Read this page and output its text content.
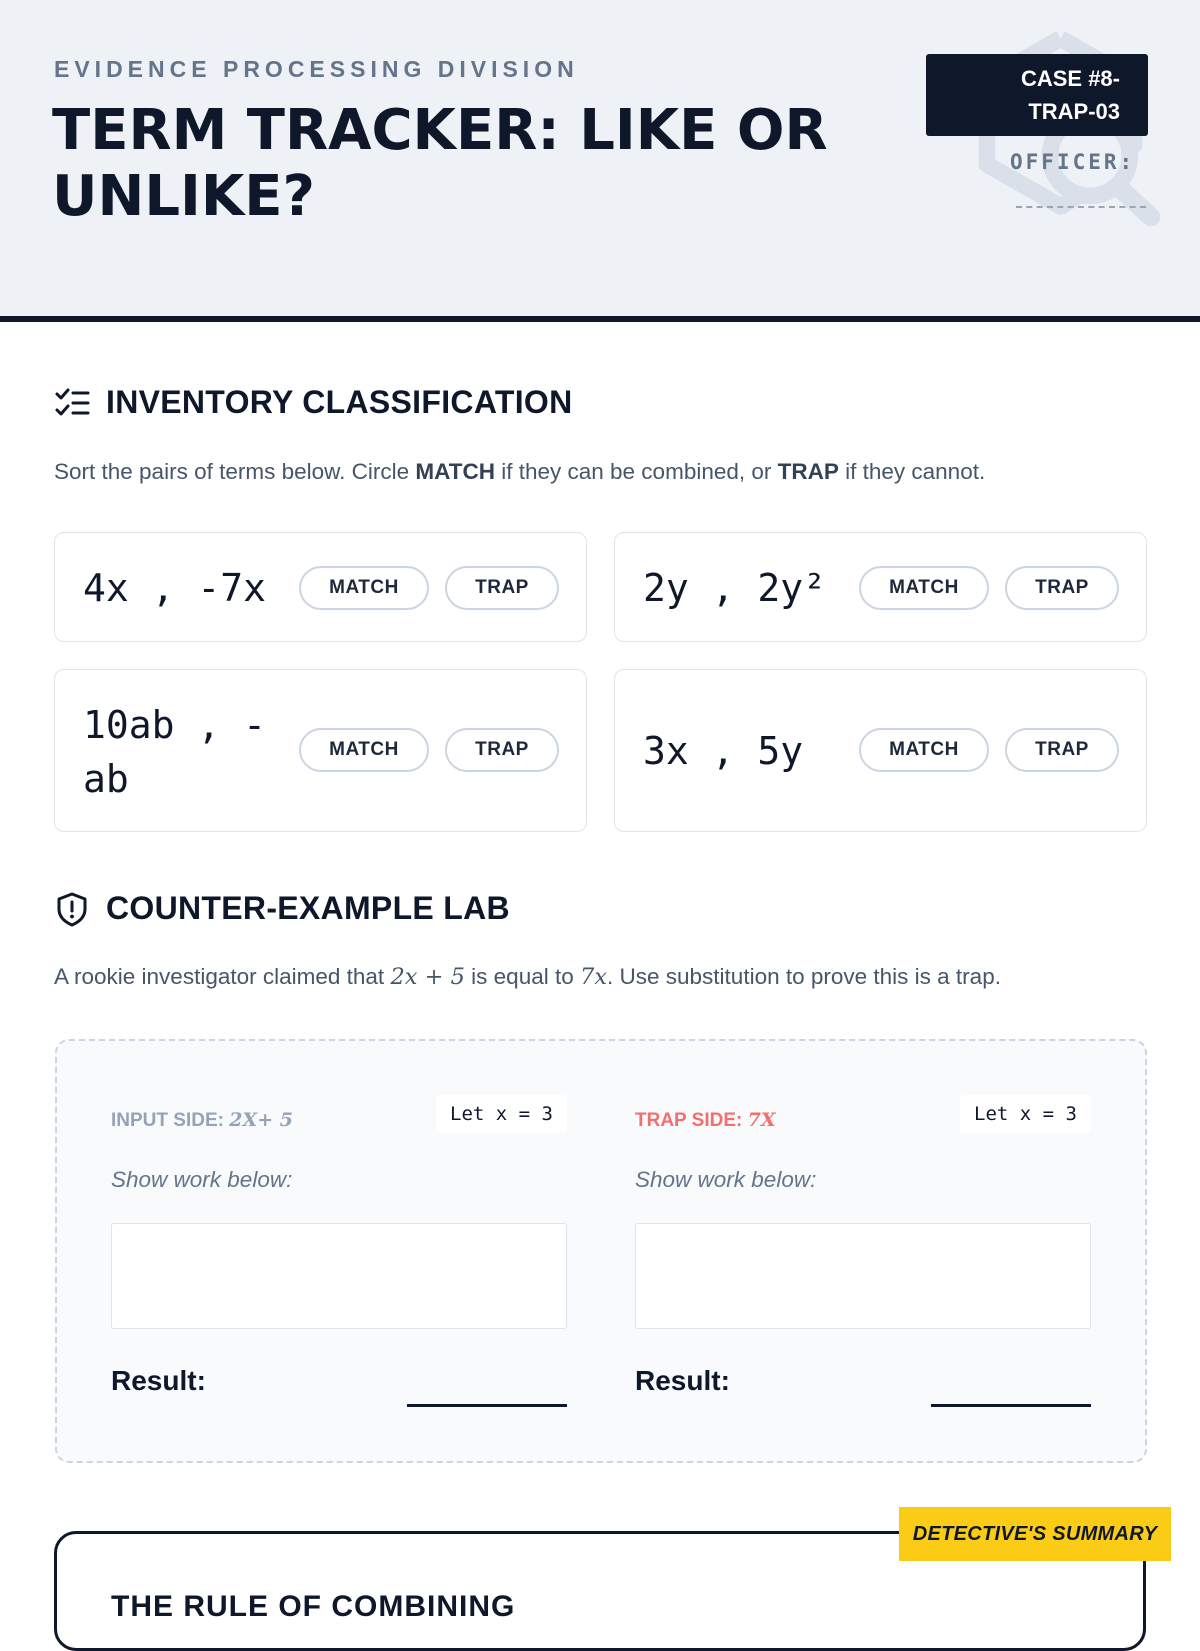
EVIDENCE PROCESSING DIVISION
TERM TRACKER: LIKE OR UNLIKE?
CASE #8-TRAP-03
OFFICER:
INVENTORY CLASSIFICATION
Sort the pairs of terms below. Circle MATCH if they can be combined, or TRAP if they cannot.
4x , -7x	MATCH	TRAP	2y , 2y²	MATCH	TRAP
10ab , -ab
MATCH	TRAP	3x , 5y	MATCH	TRAP
COUNTER-EXAMPLE LAB
A rookie investigator claimed that 2x + 5 is equal to 7x. Use substitution to prove this is a trap.
INPUT SIDE: 2X+ 5	Let x = 3
Show work below:
Result:
TRAP SIDE: 7X	Let x = 3
Show work below:
Result:
THE RULE OF COMBINING
DETECTIVE'S SUMMARY
